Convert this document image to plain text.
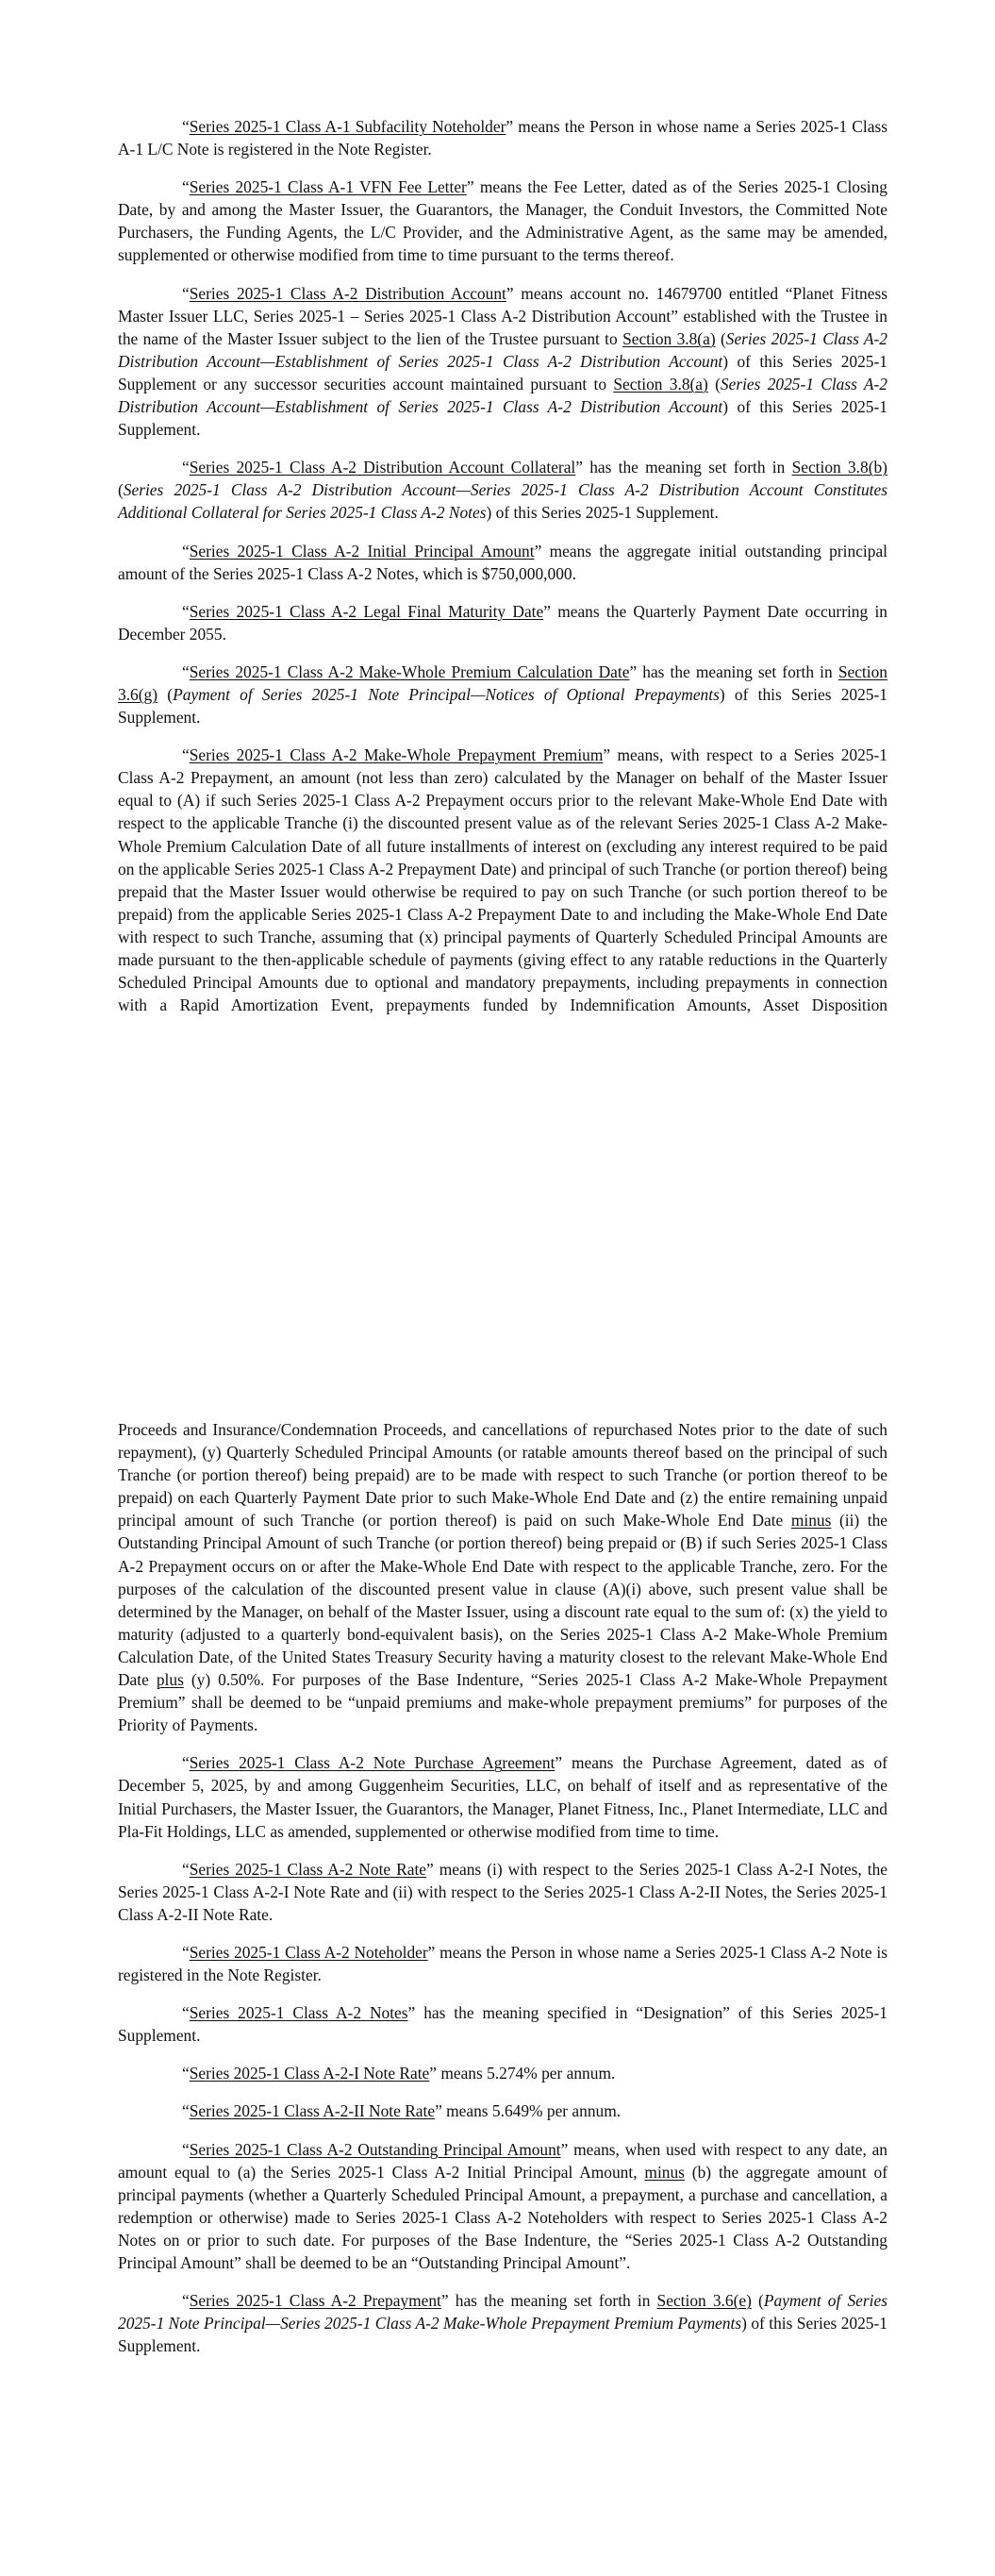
“Series 2025-1 Class A-1 Subfacility Noteholder” means the Person in whose name a Series 2025-1 Class A-1 L/C Note is registered in the Note Register.

“Series 2025-1 Class A-1 VFN Fee Letter” means the Fee Letter, dated as of the Series 2025-1 Closing Date, by and among the Master Issuer, the Guarantors, the Manager, the Conduit Investors, the Committed Note Purchasers, the Funding Agents, the L/C Provider, and the Administrative Agent, as the same may be amended, supplemented or otherwise modified from time to time pursuant to the terms thereof.

“Series 2025-1 Class A-2 Distribution Account” means account no. 14679700 entitled “Planet Fitness Master Issuer LLC, Series 2025-1 – Series 2025-1 Class A-2 Distribution Account” established with the Trustee in the name of the Master Issuer subject to the lien of the Trustee pursuant to Section 3.8(a) (Series 2025-1 Class A-2 Distribution Account—Establishment of Series 2025-1 Class A-2 Distribution Account) of this Series 2025-1 Supplement or any successor securities account maintained pursuant to Section 3.8(a) (Series 2025-1 Class A-2 Distribution Account—Establishment of Series 2025-1 Class A-2 Distribution Account) of this Series 2025-1 Supplement.

“Series 2025-1 Class A-2 Distribution Account Collateral” has the meaning set forth in Section 3.8(b) (Series 2025-1 Class A-2 Distribution Account—Series 2025-1 Class A-2 Distribution Account Constitutes Additional Collateral for Series 2025-1 Class A-2 Notes) of this Series 2025-1 Supplement.

“Series 2025-1 Class A-2 Initial Principal Amount” means the aggregate initial outstanding principal amount of the Series 2025-1 Class A-2 Notes, which is $750,000,000.

“Series 2025-1 Class A-2 Legal Final Maturity Date” means the Quarterly Payment Date occurring in December 2055.

“Series 2025-1 Class A-2 Make-Whole Premium Calculation Date” has the meaning set forth in Section 3.6(g) (Payment of Series 2025-1 Note Principal—Notices of Optional Prepayments) of this Series 2025-1 Supplement.

“Series 2025-1 Class A-2 Make-Whole Prepayment Premium” means, with respect to a Series 2025-1 Class A-2 Prepayment, an amount (not less than zero) calculated by the Manager on behalf of the Master Issuer equal to (A) if such Series 2025-1 Class A-2 Prepayment occurs prior to the relevant Make-Whole End Date with respect to the applicable Tranche (i) the discounted present value as of the relevant Series 2025-1 Class A-2 Make-Whole Premium Calculation Date of all future installments of interest on (excluding any interest required to be paid on the applicable Series 2025-1 Class A-2 Prepayment Date) and principal of such Tranche (or portion thereof) being prepaid that the Master Issuer would otherwise be required to pay on such Tranche (or such portion thereof to be prepaid) from the applicable Series 2025-1 Class A-2 Prepayment Date to and including the Make-Whole End Date with respect to such Tranche, assuming that (x) principal payments of Quarterly Scheduled Principal Amounts are made pursuant to the then-applicable schedule of payments (giving effect to any ratable reductions in the Quarterly Scheduled Principal Amounts due to optional and mandatory prepayments, including prepayments in connection with a Rapid Amortization Event, prepayments funded by Indemnification Amounts, Asset Disposition

Proceeds and Insurance/Condemnation Proceeds, and cancellations of repurchased Notes prior to the date of such repayment), (y) Quarterly Scheduled Principal Amounts (or ratable amounts thereof based on the principal of such Tranche (or portion thereof) being prepaid) are to be made with respect to such Tranche (or portion thereof to be prepaid) on each Quarterly Payment Date prior to such Make-Whole End Date and (z) the entire remaining unpaid principal amount of such Tranche (or portion thereof) is paid on such Make-Whole End Date minus (ii) the Outstanding Principal Amount of such Tranche (or portion thereof) being prepaid or (B) if such Series 2025-1 Class A-2 Prepayment occurs on or after the Make-Whole End Date with respect to the applicable Tranche, zero. For the purposes of the calculation of the discounted present value in clause (A)(i) above, such present value shall be determined by the Manager, on behalf of the Master Issuer, using a discount rate equal to the sum of: (x) the yield to maturity (adjusted to a quarterly bond-equivalent basis), on the Series 2025-1 Class A-2 Make-Whole Premium Calculation Date, of the United States Treasury Security having a maturity closest to the relevant Make-Whole End Date plus (y) 0.50%. For purposes of the Base Indenture, “Series 2025-1 Class A-2 Make-Whole Prepayment Premium” shall be deemed to be “unpaid premiums and make-whole prepayment premiums” for purposes of the Priority of Payments.

“Series 2025-1 Class A-2 Note Purchase Agreement” means the Purchase Agreement, dated as of December 5, 2025, by and among Guggenheim Securities, LLC, on behalf of itself and as representative of the Initial Purchasers, the Master Issuer, the Guarantors, the Manager, Planet Fitness, Inc., Planet Intermediate, LLC and Pla-Fit Holdings, LLC as amended, supplemented or otherwise modified from time to time.

“Series 2025-1 Class A-2 Note Rate” means (i) with respect to the Series 2025-1 Class A-2-I Notes, the Series 2025-1 Class A-2-I Note Rate and (ii) with respect to the Series 2025-1 Class A-2-II Notes, the Series 2025-1 Class A-2-II Note Rate.

“Series 2025-1 Class A-2 Noteholder” means the Person in whose name a Series 2025-1 Class A-2 Note is registered in the Note Register.

“Series 2025-1 Class A-2 Notes” has the meaning specified in “Designation” of this Series 2025-1 Supplement.

“Series 2025-1 Class A-2-I Note Rate” means 5.274% per annum.

“Series 2025-1 Class A-2-II Note Rate” means 5.649% per annum.

“Series 2025-1 Class A-2 Outstanding Principal Amount” means, when used with respect to any date, an amount equal to (a) the Series 2025-1 Class A-2 Initial Principal Amount, minus (b) the aggregate amount of principal payments (whether a Quarterly Scheduled Principal Amount, a prepayment, a purchase and cancellation, a redemption or otherwise) made to Series 2025-1 Class A-2 Noteholders with respect to Series 2025-1 Class A-2 Notes on or prior to such date. For purposes of the Base Indenture, the “Series 2025-1 Class A-2 Outstanding Principal Amount” shall be deemed to be an “Outstanding Principal Amount”.

“Series 2025-1 Class A-2 Prepayment” has the meaning set forth in Section 3.6(e) (Payment of Series 2025-1 Note Principal—Series 2025-1 Class A-2 Make-Whole Prepayment Premium Payments) of this Series 2025-1 Supplement.
